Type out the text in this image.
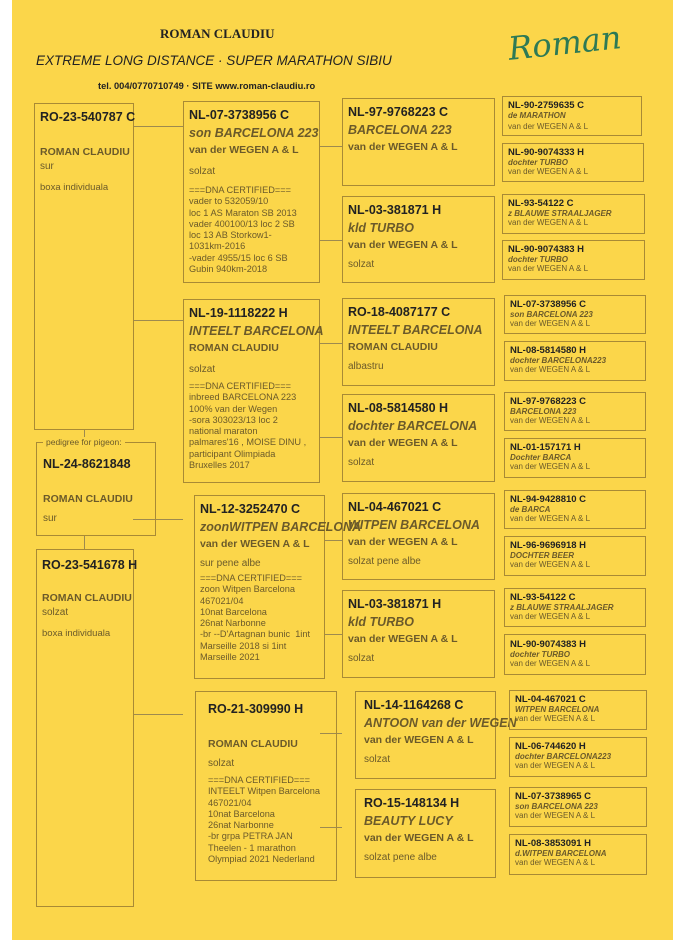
ROMAN CLAUDIU
EXTREME LONG DISTANCE · SUPER MARATHON SIBIU
tel. 004/0770710749 · SITE www.roman-claudiu.ro
Roman
RO-23-540787 C
ROMAN CLAUDIU
sur
boxa individuala
pedigree for pigeon:
NL-24-8621848
ROMAN CLAUDIU
sur
RO-23-541678 H
ROMAN CLAUDIU
solzat
boxa individuala
NL-07-3738956 C
son BARCELONA 223
van der WEGEN A & L
solzat
===DNA CERTIFIED===
vader to 532059/10
loc 1 AS Maraton SB 2013
vader 400100/13 loc 2 SB
loc 13 AB Storkow1-
1031km-2016
-vader 4955/15 loc 6 SB
Gubin 940km-2018
NL-19-1118222 H
INTEELT BARCELONA
ROMAN CLAUDIU
solzat
===DNA CERTIFIED===
inbreed BARCELONA 223
100% van der Wegen
-sora 303023/13 loc 2
national maraton
palmares'16 , MOISE DINU ,
participant Olimpiada
Bruxelles 2017
NL-12-3252470 C
zoonWITPEN BARCELONA
van der WEGEN A & L
sur pene albe
===DNA CERTIFIED===
zoon Witpen Barcelona
467021/04
10nat Barcelona
26nat Narbonne
-br --D'Artagnan bunic  1int
Marseille 2018 si 1int
Marseille 2021
RO-21-309990 H
ROMAN CLAUDIU
solzat
===DNA CERTIFIED===
INTEELT Witpen Barcelona
467021/04
10nat Barcelona
26nat Narbonne
-br grpa PETRA JAN
Theelen - 1 marathon
Olympiad 2021 Nederland
NL-97-9768223 C
BARCELONA 223
van der WEGEN A & L
NL-03-381871 H
kld TURBO
van der WEGEN A & L
solzat
RO-18-4087177 C
INTEELT BARCELONA
ROMAN CLAUDIU
albastru
NL-08-5814580 H
dochter BARCELONA
van der WEGEN A & L
solzat
NL-04-467021 C
WITPEN BARCELONA
van der WEGEN A & L
solzat pene albe
NL-03-381871 H
kld TURBO
van der WEGEN A & L
solzat
NL-14-1164268 C
ANTOON van der WEGEN
van der WEGEN A & L
solzat
RO-15-148134 H
BEAUTY LUCY
van der WEGEN A & L
solzat pene albe
NL-90-2759635 C
de MARATHON
van der WEGEN A & L
NL-90-9074333 H
dochter TURBO
van der WEGEN A & L
NL-93-54122 C
z BLAUWE STRAALJAGER
van der WEGEN A & L
NL-90-9074383 H
dochter TURBO
van der WEGEN A & L
NL-07-3738956 C
son BARCELONA 223
van der WEGEN A & L
NL-08-5814580 H
dochter BARCELONA223
van der WEGEN A & L
NL-97-9768223 C
BARCELONA 223
van der WEGEN A & L
NL-01-157171 H
Dochter BARCA
van der WEGEN A & L
NL-94-9428810 C
de BARCA
van der WEGEN A & L
NL-96-9696918 H
DOCHTER BEER
van der WEGEN A & L
NL-93-54122 C
z BLAUWE STRAALJAGER
van der WEGEN A & L
NL-90-9074383 H
dochter TURBO
van der WEGEN A & L
NL-04-467021 C
WITPEN BARCELONA
van der WEGEN A & L
NL-06-744620 H
dochter BARCELONA223
van der WEGEN A & L
NL-07-3738965 C
son BARCELONA 223
van der WEGEN A & L
NL-08-3853091 H
d.WITPEN BARCELONA
van der WEGEN A & L
